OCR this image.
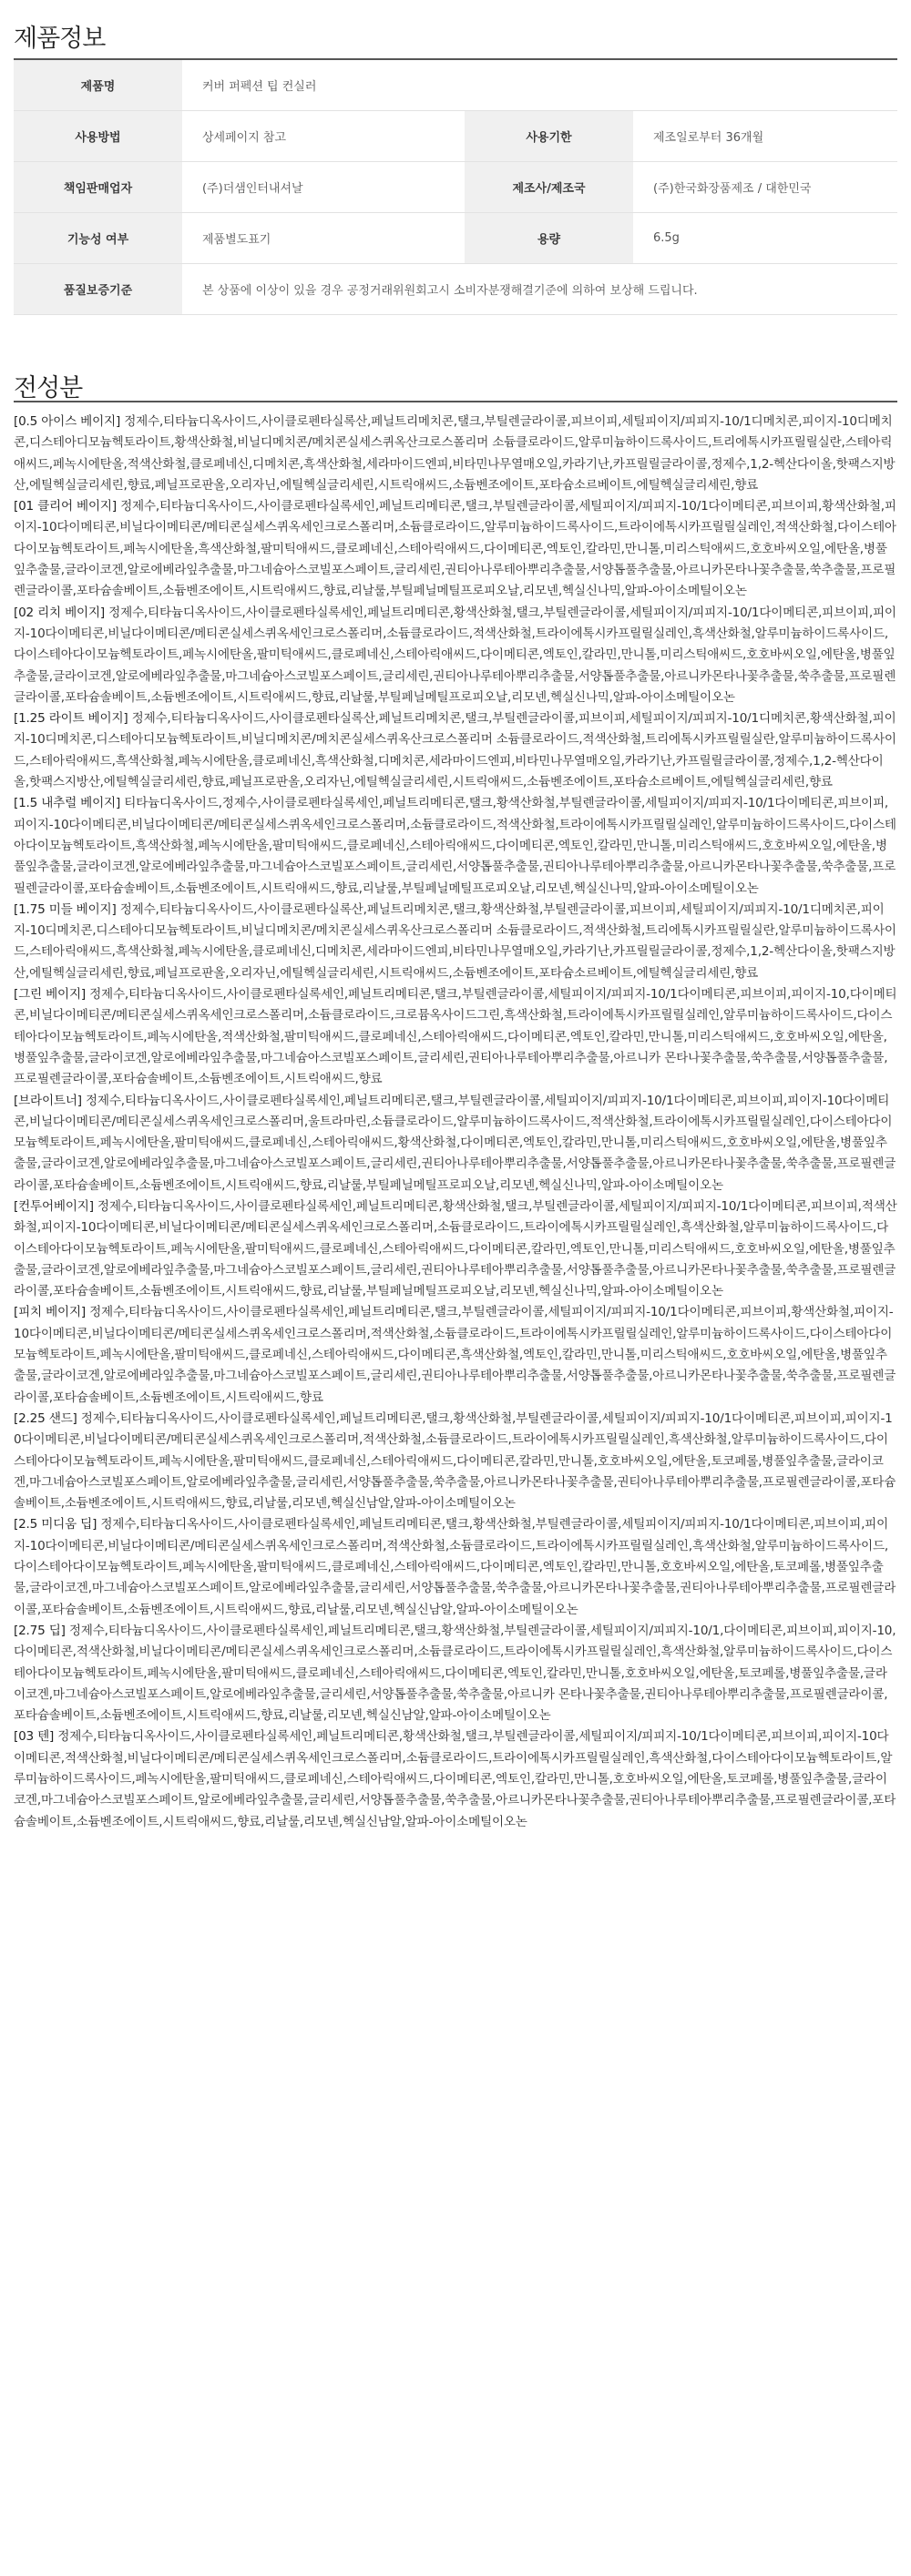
제품정보
제품명	커버 퍼펙션 팁 컨실러		
사용방법	상세페이지 참고	사용기한	제조일로부터 36개월
책임판매업자	(주)더샘인터내셔날	제조사/제조국	(주)한국화장품제조 / 대한민국
기능성 여부	제품별도표기	용량	6.5g
품질보증기준	본 상품에 이상이 있을 경우 공정거래위원회고시 소비자분쟁해결기준에 의하여 보상해 드립니다.		
전성분

[0.5 아이스 베이지] 정제수,티타늄디옥사이드,사이클로펜타실록산,페닐트리메치콘,탤크,부틸렌글라이콜,피브이피,세틸피이지/피피지-10/1디메치콘,피이지-10디메치콘,디스테아디모늄헥토라이트,황색산화철,비닐디메치콘/메치콘실세스퀴옥산크로스폴리머 소듐클로라이드,알루미늄하이드록사이드,트리에톡시카프릴릴실란,스테아릭애씨드,페녹시에탄올,적색산화철,클로페네신,디메치콘,흑색산화철,세라마이드엔피,비타민나무열매오일,카라기난,카프릴릴글라이콜,정제수,1,2-헥산다이올,핫팩스지방산,에틸헥실글리세린,향료,페닐프로판올,오리자닌,에틸헥실글리세린,시트릭애씨드,소듐벤조에이트,포타슘소르베이트,에틸헥실글리세린,향료

[01 클리어 베이지] 정제수,티타늄디옥사이드,사이클로펜타실록세인,페닐트리메티콘,탤크,부틸렌글라이콜,세틸피이지/피피지-10/1다이메티콘,피브이피,황색산화철,피이지-10다이메티콘,비닐다이메티콘/메티콘실세스퀴옥세인크로스폴리머,소듐클로라이드,알루미늄하이드록사이드,트라이에톡시카프릴릴실레인,적색산화철,다이스테아다이모늄헥토라이트,페녹시에탄올,흑색산화철,팔미틱애씨드,클로페네신,스테아릭애씨드,다이메티콘,엑토인,칼라민,만니톨,미리스틱애씨드,호호바씨오일,에탄올,병풀잎추출물,글라이코겐,알로에베라잎추출물,마그네슘아스코빌포스페이트,글리세린,권티아나루테아뿌리추출물,서양톱풀추출물,아르니카몬타나꽃추출물,쑥추출물,프로필렌글라이콜,포타슘솔베이트,소듐벤조에이트,시트릭애씨드,향료,리날룰,부틸페닐메틸프로피오날,리모넨,헥실신나믹,알파-아이소메틸이오논

[02 리치 베이지] 정제수,티타늄디옥사이드,사이클로펜타실록세인,페닐트리메티콘,황색산화철,탤크,부틸렌글라이콜,세틸피이지/피피지-10/1다이메티콘,피브이피,피이지-10다이메티콘,비닐다이메티콘/메티콘실세스퀴옥세인크로스폴리머,소듐클로라이드,적색산화철,트라이에톡시카프릴릴실레인,흑색산화철,알루미늄하이드록사이드,다이스테아다이모늄헥토라이트,페녹시에탄올,팔미틱애씨드,클로페네신,스테아릭애씨드,다이메티콘,엑토인,칼라민,만니톨,미리스틱애씨드,호호바씨오일,에탄올,병풀잎추출물,글라이코겐,알로에베라잎추출물,마그네슘아스코빌포스페이트,글리세린,권티아나루테아뿌리추출물,서양톱풀추출물,아르니카몬타나꽃추출물,쑥추출물,프로필렌글라이콜,포타슘솔베이트,소듐벤조에이트,시트릭애씨드,향료,리날룰,부틸페닐메틸프로피오날,리모넨,헥실신나믹,알파-아이소메틸이오논

[1.25 라이트 베이지] 정제수,티타늄디옥사이드,사이클로펜타실록산,페닐트리메치콘,탤크,부틸렌글라이콜,피브이피,세틸피이지/피피지-10/1디메치콘,황색산화철,피이지-10디메치콘,디스테아디모늄헥토라이트,비닐디메치콘/메치콘실세스퀴옥산크로스폴리머 소듐클로라이드,적색산화철,트리에톡시카프릴릴실란,알루미늄하이드록사이드,스테아릭애씨드,흑색산화철,페녹시에탄올,클로페네신,흑색산화철,디메치콘,세라마이드엔피,비타민나무열매오일,카라기난,카프릴릴글라이콜,정제수,1,2-헥산다이올,핫팩스지방산,에틸헥실글리세린,향료,페닐프로판올,오리자닌,에틸헥실글리세린,시트릭애씨드,소듐벤조에이트,포타슘소르베이트,에틸헥실글리세린,향료

[1.5 내추럴 베이지] 티타늄디옥사이드,정제수,사이클로펜타실록세인,페닐트리메티콘,탤크,황색산화철,부틸렌글라이콜,세틸피이지/피피지-10/1다이메티콘,피브이피,피이지-10다이메티콘,비닐다이메티콘/메티콘실세스퀴옥세인크로스폴리머,소듐클로라이드,적색산화철,트라이에톡시카프릴릴실레인,알루미늄하이드록사이드,다이스테아다이모늄헥토라이트,흑색산화철,페녹시에탄올,팔미틱애씨드,클로페네신,스테아릭애씨드,다이메티콘,엑토인,칼라민,만니톨,미리스틱애씨드,호호바씨오일,에탄올,병풀잎추출물,글라이코겐,알로에베라잎추출물,마그네슘아스코빌포스페이트,글리세린,서양톱풀추출물,권티아나루테아뿌리추출물,아르니카몬타나꽃추출물,쑥추출물,프로필렌글라이콜,포타슘솔베이트,소듐벤조에이트,시트릭애씨드,향료,리날룰,부틸페닐메틸프로피오날,리모넨,헥실신나믹,알파-아이소메틸이오논

[1.75 미들 베이지] 정제수,티타늄디옥사이드,사이클로펜타실록산,페닐트리메치콘,탤크,황색산화철,부틸렌글라이콜,피브이피,세틸피이지/피피지-10/1디메치콘,피이지-10디메치콘,디스테아디모늄헥토라이트,비닐디메치콘/메치콘실세스퀴옥산크로스폴리머 소듐클로라이드,적색산화철,트리에톡시카프릴릴실란,알루미늄하이드록사이드,스테아릭애씨드,흑색산화철,페녹시에탄올,클로페네신,디메치콘,세라마이드엔피,비타민나무열매오일,카라기난,카프릴릴글라이콜,정제수,1,2-헥산다이올,핫팩스지방산,에틸헥실글리세린,향료,페닐프로판올,오리자닌,에틸헥실글리세린,시트릭애씨드,소듐벤조에이트,포타슘소르베이트,에틸헥실글리세린,향료

[그린 베이지] 정제수,티타늄디옥사이드,사이클로펜타실록세인,페닐트리메티콘,탤크,부틸렌글라이콜,세틸피이지/피피지-10/1다이메티콘,피브이피,피이지-10,다이메티콘,비닐다이메티콘/메티콘실세스퀴옥세인크로스폴리머,소듐클로라이드,크로뮴옥사이드그린,흑색산화철,트라이에톡시카프릴릴실레인,알루미늄하이드록사이드,다이스테아다이모늄헥토라이트,페녹시에탄올,적색산화철,팔미틱애씨드,클로페네신,스테아릭애씨드,다이메티콘,엑토인,칼라민,만니톨,미리스틱애씨드,호호바씨오일,에탄올,병풀잎추출물,글라이코겐,알로에베라잎추출물,마그네슘아스코빌포스페이트,글리세린,권티아나루테아뿌리추출물,아르니카 몬타나꽃추출물,쑥추출물,서양톱풀추출물,프로필렌글라이콜,포타슘솔베이트,소듐벤조에이트,시트릭애씨드,향료

[브라이트너] 정제수,티타늄디옥사이드,사이클로펜타실록세인,페닐트리메티콘,탤크,부틸렌글라이콜,세틸피이지/피피지-10/1다이메티콘,피브이피,피이지-10다이메티콘,비닐다이메티콘/메티콘실세스퀴옥세인크로스폴리머,울트라마린,소듐클로라이드,알루미늄하이드록사이드,적색산화철,트라이에톡시카프릴릴실레인,다이스테아다이모늄헥토라이트,페녹시에탄올,팔미틱애씨드,클로페네신,스테아릭애씨드,황색산화철,다이메티콘,엑토인,칼라민,만니톨,미리스틱애씨드,호호바씨오일,에탄올,병풀잎추출물,글라이코겐,알로에베라잎추출물,마그네슘아스코빌포스페이트,글리세린,권티아나루테아뿌리추출물,서양톱풀추출물,아르니카몬타나꽃추출물,쑥추출물,프로필렌글라이콜,포타슘솔베이트,소듐벤조에이트,시트릭애씨드,향료,리날룰,부틸페닐메틸프로피오날,리모넨,헥실신나믹,알파-아이소메틸이오논

[컨투어베이지] 정제수,티타늄디옥사이드,사이클로펜타실록세인,페닐트리메티콘,황색산화철,탤크,부틸렌글라이콜,세틸피이지/피피지-10/1다이메티콘,피브이피,적색산화철,피이지-10다이메티콘,비닐다이메티콘/메티콘실세스퀴옥세인크로스폴리머,소듐클로라이드,트라이에톡시카프릴릴실레인,흑색산화철,알루미늄하이드록사이드,다이스테아다이모늄헥토라이트,페녹시에탄올,팔미틱애씨드,클로페네신,스테아릭애씨드,다이메티콘,칼라민,엑토인,만니톨,미리스틱애씨드,호호바씨오일,에탄올,병풀잎추출물,글라이코겐,알로에베라잎추출물,마그네슘아스코빌포스페이트,글리세린,권티아나루테아뿌리추출물,서양톱풀추출물,아르니카몬타나꽃추출물,쑥추출물,프로필렌글라이콜,포타슘솔베이트,소듐벤조에이트,시트릭애씨드,향료,리날룰,부틸페닐메틸프로피오날,리모넨,헥실신나믹,알파-아이소메틸이오논

[피치 베이지] 정제수,티타늄디옥사이드,사이클로펜타실록세인,페닐트리메티콘,탤크,부틸렌글라이콜,세틸피이지/피피지-10/1다이메티콘,피브이피,황색산화철,피이지-10다이메티콘,비닐다이메티콘/메티콘실세스퀴옥세인크로스폴리머,적색산화철,소듐클로라이드,트라이에톡시카프릴릴실레인,알루미늄하이드록사이드,다이스테아다이모늄헥토라이트,페녹시에탄올,팔미틱애씨드,클로페네신,스테아릭애씨드,다이메티콘,흑색산화철,엑토인,칼라민,만니톨,미리스틱애씨드,호호바씨오일,에탄올,병풀잎추출물,글라이코겐,알로에베라잎추출물,마그네슘아스코빌포스페이트,글리세린,권티아나루테아뿌리추출물,서양톱풀추출물,아르니카몬타나꽃추출물,쑥추출물,프로필렌글라이콜,포타슘솔베이트,소듐벤조에이트,시트릭애씨드,향료

[2.25 샌드] 정제수,티타늄디옥사이드,사이클로펜타실록세인,페닐트리메티콘,탤크,황색산화철,부틸렌글라이콜,세틸피이지/피피지-10/1다이메티콘,피브이피,피이지-10다이메티콘,비닐다이메티콘/메티콘실세스퀴옥세인크로스폴리머,적색산화철,소듐클로라이드,트라이에톡시카프릴릴실레인,흑색산화철,알루미늄하이드록사이드,다이스테아다이모늄헥토라이트,페녹시에탄올,팔미틱애씨드,클로페네신,스테아릭애씨드,다이메티콘,칼라민,만니톨,호호바씨오일,에탄올,토코페롤,병풀잎추출물,글라이코겐,마그네슘아스코빌포스페이트,알로에베라잎추출물,글리세린,서양톱풀추출물,쑥추출물,아르니카몬타나꽃추출물,권티아나루테아뿌리추출물,프로필렌글라이콜,포타슘솔베이트,소듐벤조에이트,시트릭애씨드,향료,리날룰,리모넨,헥실신남알,알파-아이소메틸이오논

[2.5 미디움 딥] 정제수,티타늄디옥사이드,사이클로펜타실록세인,페닐트리메티콘,탤크,황색산화철,부틸렌글라이콜,세틸피이지/피피지-10/1다이메티콘,피브이피,피이지-10다이메티콘,비닐다이메티콘/메티콘실세스퀴옥세인크로스폴리머,적색산화철,소듐클로라이드,트라이에톡시카프릴릴실레인,흑색산화철,알루미늄하이드록사이드,다이스테아다이모늄헥토라이트,페녹시에탄올,팔미틱애씨드,클로페네신,스테아릭애씨드,다이메티콘,엑토인,칼라민,만니톨,호호바씨오일,에탄올,토코페롤,병풀잎추출물,글라이코겐,마그네슘아스코빌포스페이트,알로에베라잎추출물,글리세린,서양톱풀추출물,쑥추출물,아르니카몬타나꽃추출물,권티아나루테아뿌리추출물,프로필렌글라이콜,포타슘솔베이트,소듐벤조에이트,시트릭애씨드,향료,리날룰,리모넨,헥실신남알,알파-아이소메틸이오논

[2.75 딥] 정제수,티타늄디옥사이드,사이클로펜타실록세인,페닐트리메티콘,탤크,황색산화철,부틸렌글라이콜,세틸피이지/피피지-10/1,다이메티콘,피브이피,피이지-10,다이메티콘,적색산화철,비닐다이메티콘/메티콘실세스퀴옥세인크로스폴리머,소듐클로라이드,트라이에톡시카프릴릴실레인,흑색산화철,알루미늄하이드록사이드,다이스테아다이모늄헥토라이트,페녹시에탄올,팔미틱애씨드,클로페네신,스테아릭애씨드,다이메티콘,엑토인,칼라민,만니톨,호호바씨오일,에탄올,토코페롤,병풀잎추출물,글라이코겐,마그네슘아스코빌포스페이트,알로에베라잎추출물,글리세린,서양톱풀추출물,쑥추출물,아르니카 몬타나꽃추출물,권티아나루테아뿌리추출물,프로필렌글라이콜,포타슘솔베이트,소듐벤조에이트,시트릭애씨드,향료,리날룰,리모넨,헥실신남알,알파-아이소메틸이오논

[03 텐] 정제수,티타늄디옥사이드,사이클로펜타실록세인,페닐트리메티콘,황색산화철,탤크,부틸렌글라이콜,세틸피이지/피피지-10/1다이메티콘,피브이피,피이지-10다이메티콘,적색산화철,비닐다이메티콘/메티콘실세스퀴옥세인크로스폴리머,소듐클로라이드,트라이에톡시카프릴릴실레인,흑색산화철,다이스테아다이모늄헥토라이트,알루미늄하이드록사이드,페녹시에탄올,팔미틱애씨드,클로페네신,스테아릭애씨드,다이메티콘,엑토인,칼라민,만니톨,호호바씨오일,에탄올,토코페롤,병풀잎추출물,글라이코겐,마그네슘아스코빌포스페이트,알로에베라잎추출물,글리세린,서양톱풀추출물,쑥추출물,아르니카몬타나꽃추출물,권티아나루테아뿌리추출물,프로필렌글라이콜,포타슘솔베이트,소듐벤조에이트,시트릭애씨드,향료,리날룰,리모넨,헥실신남알,알파-아이소메틸이오논
